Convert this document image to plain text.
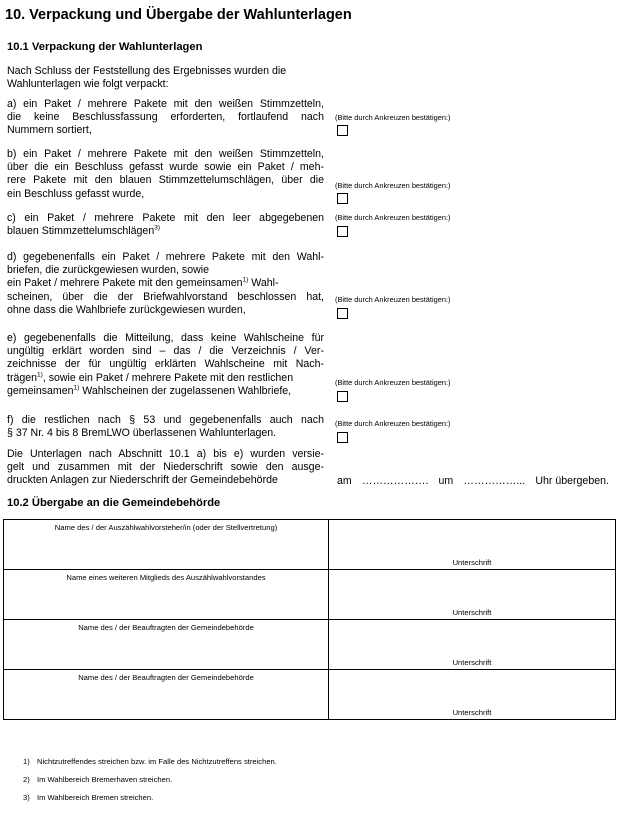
10. Verpackung und Übergabe der Wahlunterlagen
10.1 Verpackung der Wahlunterlagen
Nach Schluss der Feststellung des Ergebnisses wurden die
Wahlunterlagen wie folgt verpackt:
a) ein Paket / mehrere Pakete mit den weißen Stimmzetteln,
die keine Beschlussfassung erforderten, fortlaufend nach
Nummern sortiert,
(Bitte durch Ankreuzen bestätigen:)
b) ein Paket / mehrere Pakete mit den weißen Stimmzetteln,
über die ein Beschluss gefasst wurde sowie ein Paket / meh-
rere Pakete mit den blauen Stimmzettelumschlägen, über die
ein Beschluss gefasst wurde,
(Bitte durch Ankreuzen bestätigen:)
c) ein Paket / mehrere Pakete mit den leer abgegebenen
blauen Stimmzettelumschlägen$^{3)}$
(Bitte durch Ankreuzen bestätigen:)
d) gegebenenfalls ein Paket / mehrere Pakete mit den Wahl-
briefen, die zurückgewiesen wurden, sowie
ein Paket / mehrere Pakete mit den gemeinsamen$^{1)}$ Wahl-
scheinen, über die der Briefwahlvorstand beschlossen hat,
ohne dass die Wahlbriefe zurückgewiesen wurden,
(Bitte durch Ankreuzen bestätigen:)
e) gegebenenfalls die Mitteilung, dass keine Wahlscheine für
ungültig erklärt worden sind – das / die Verzeichnis / Ver-
zeichnisse der für ungültig erklärten Wahlscheine mit Nach-
trägen$^{1)}$, sowie ein Paket / mehrere Pakete mit den restlichen
gemeinsamen$^{1)}$ Wahlscheinen der zugelassenen Wahlbriefe,
(Bitte durch Ankreuzen bestätigen:)
f) die restlichen nach § 53 und gegebenenfalls auch nach
§ 37 Nr. 4 bis 8 BremLWO überlassenen Wahlunterlagen.
(Bitte durch Ankreuzen bestätigen:)
Die Unterlagen nach Abschnitt 10.1 a) bis e) wurden versie-
gelt und zusammen mit der Niederschrift sowie den ausge-
druckten Anlagen zur Niederschrift der Gemeindebehörde	am ………………. um ……………... Uhr übergeben.
10.2 Übergabe an die Gemeindebehörde
Name des / der Auszählwahlvorsteher/in (oder der Stellvertretung)	Unterschrift

Name eines weiteren Mitglieds des Auszählwahlvorstandes	Unterschrift

Name des / der Beauftragten der Gemeindebehörde	Unterschrift

Name des / der Beauftragten der Gemeindebehörde	Unterschrift
1) Nichtzutreffendes streichen bzw. im Falle des Nichtzutreffens streichen.
2) Im Wahlbereich Bremerhaven streichen.
3) Im Wahlbereich Bremen streichen.
